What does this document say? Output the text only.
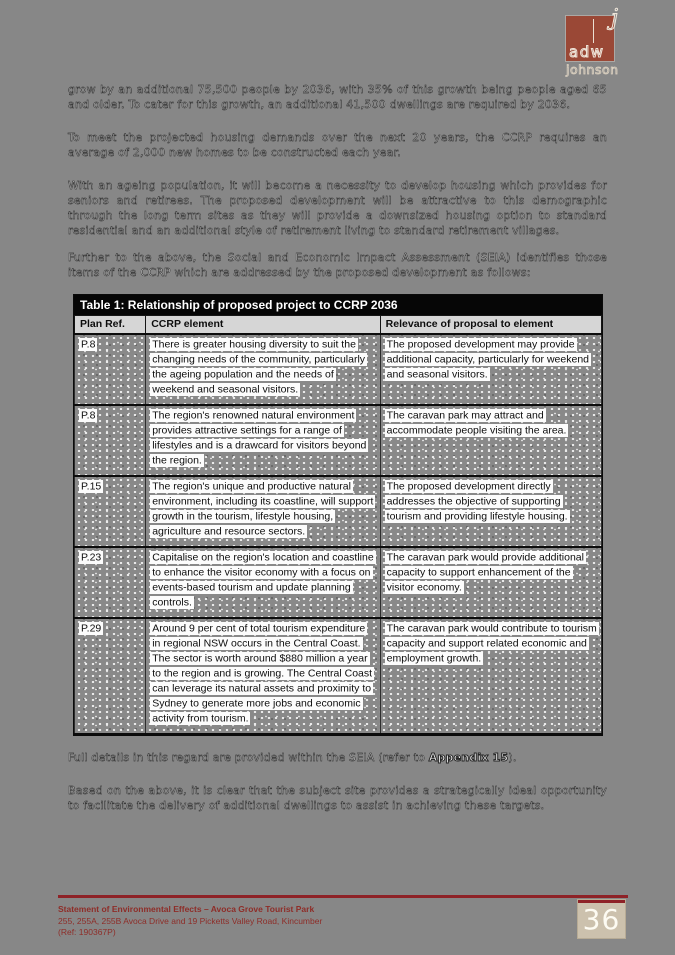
j
adw
johnson

grow by an additional 75,500 people by 2036, with 35% of this growth being people aged 65 and older. To cater for this growth, an additional 41,500 dwellings are required by 2036.

To meet the projected housing demands over the next 20 years, the CCRP requires an average of 2,000 new homes to be constructed each year.

With an ageing population, it will become a necessity to develop housing which provides for seniors and retirees. The proposed development will be attractive to this demographic through the long term sites as they will provide a downsized housing option to standard residential and an additional style of retirement living to standard retirement villages.

Further to the above, the Social and Economic Impact Assessment (SEIA) identifies those items of the CCRP which are addressed by the proposed development as follows:

Table 1: Relationship of proposed project to CCRP 2036
Plan Ref.	CCRP element	Relevance of proposal to element
P.8	There is greater housing diversity to suit the changing needs of the community, particularly the ageing population and the needs of weekend and seasonal visitors.	The proposed development may provide additional capacity, particularly for weekend and seasonal visitors.
P.8	The region's renowned natural environment provides attractive settings for a range of lifestyles and is a drawcard for visitors beyond the region.	The caravan park may attract and accommodate people visiting the area.
P.15	The region's unique and productive natural environment, including its coastline, will support growth in the tourism, lifestyle housing, agriculture and resource sectors.	The proposed development directly addresses the objective of supporting tourism and providing lifestyle housing.
P.23	Capitalise on the region's location and coastline to enhance the visitor economy with a focus on events-based tourism and update planning controls.	The caravan park would provide additional capacity to support enhancement of the visitor economy.
P.29	Around 9 per cent of total tourism expenditure in regional NSW occurs in the Central Coast. The sector is worth around $880 million a year to the region and is growing. The Central Coast can leverage its natural assets and proximity to Sydney to generate more jobs and economic activity from tourism.	The caravan park would contribute to tourism capacity and support related economic and employment growth.

Full details in this regard are provided within the SEIA (refer to Appendix 15).

Based on the above, it is clear that the subject site provides a strategically ideal opportunity to facilitate the delivery of additional dwellings to assist in achieving these targets.

Statement of Environmental Effects – Avoca Grove Tourist Park
255, 255A, 255B Avoca Drive and 19 Picketts Valley Road, Kincumber
(Ref: 190367P)	36
